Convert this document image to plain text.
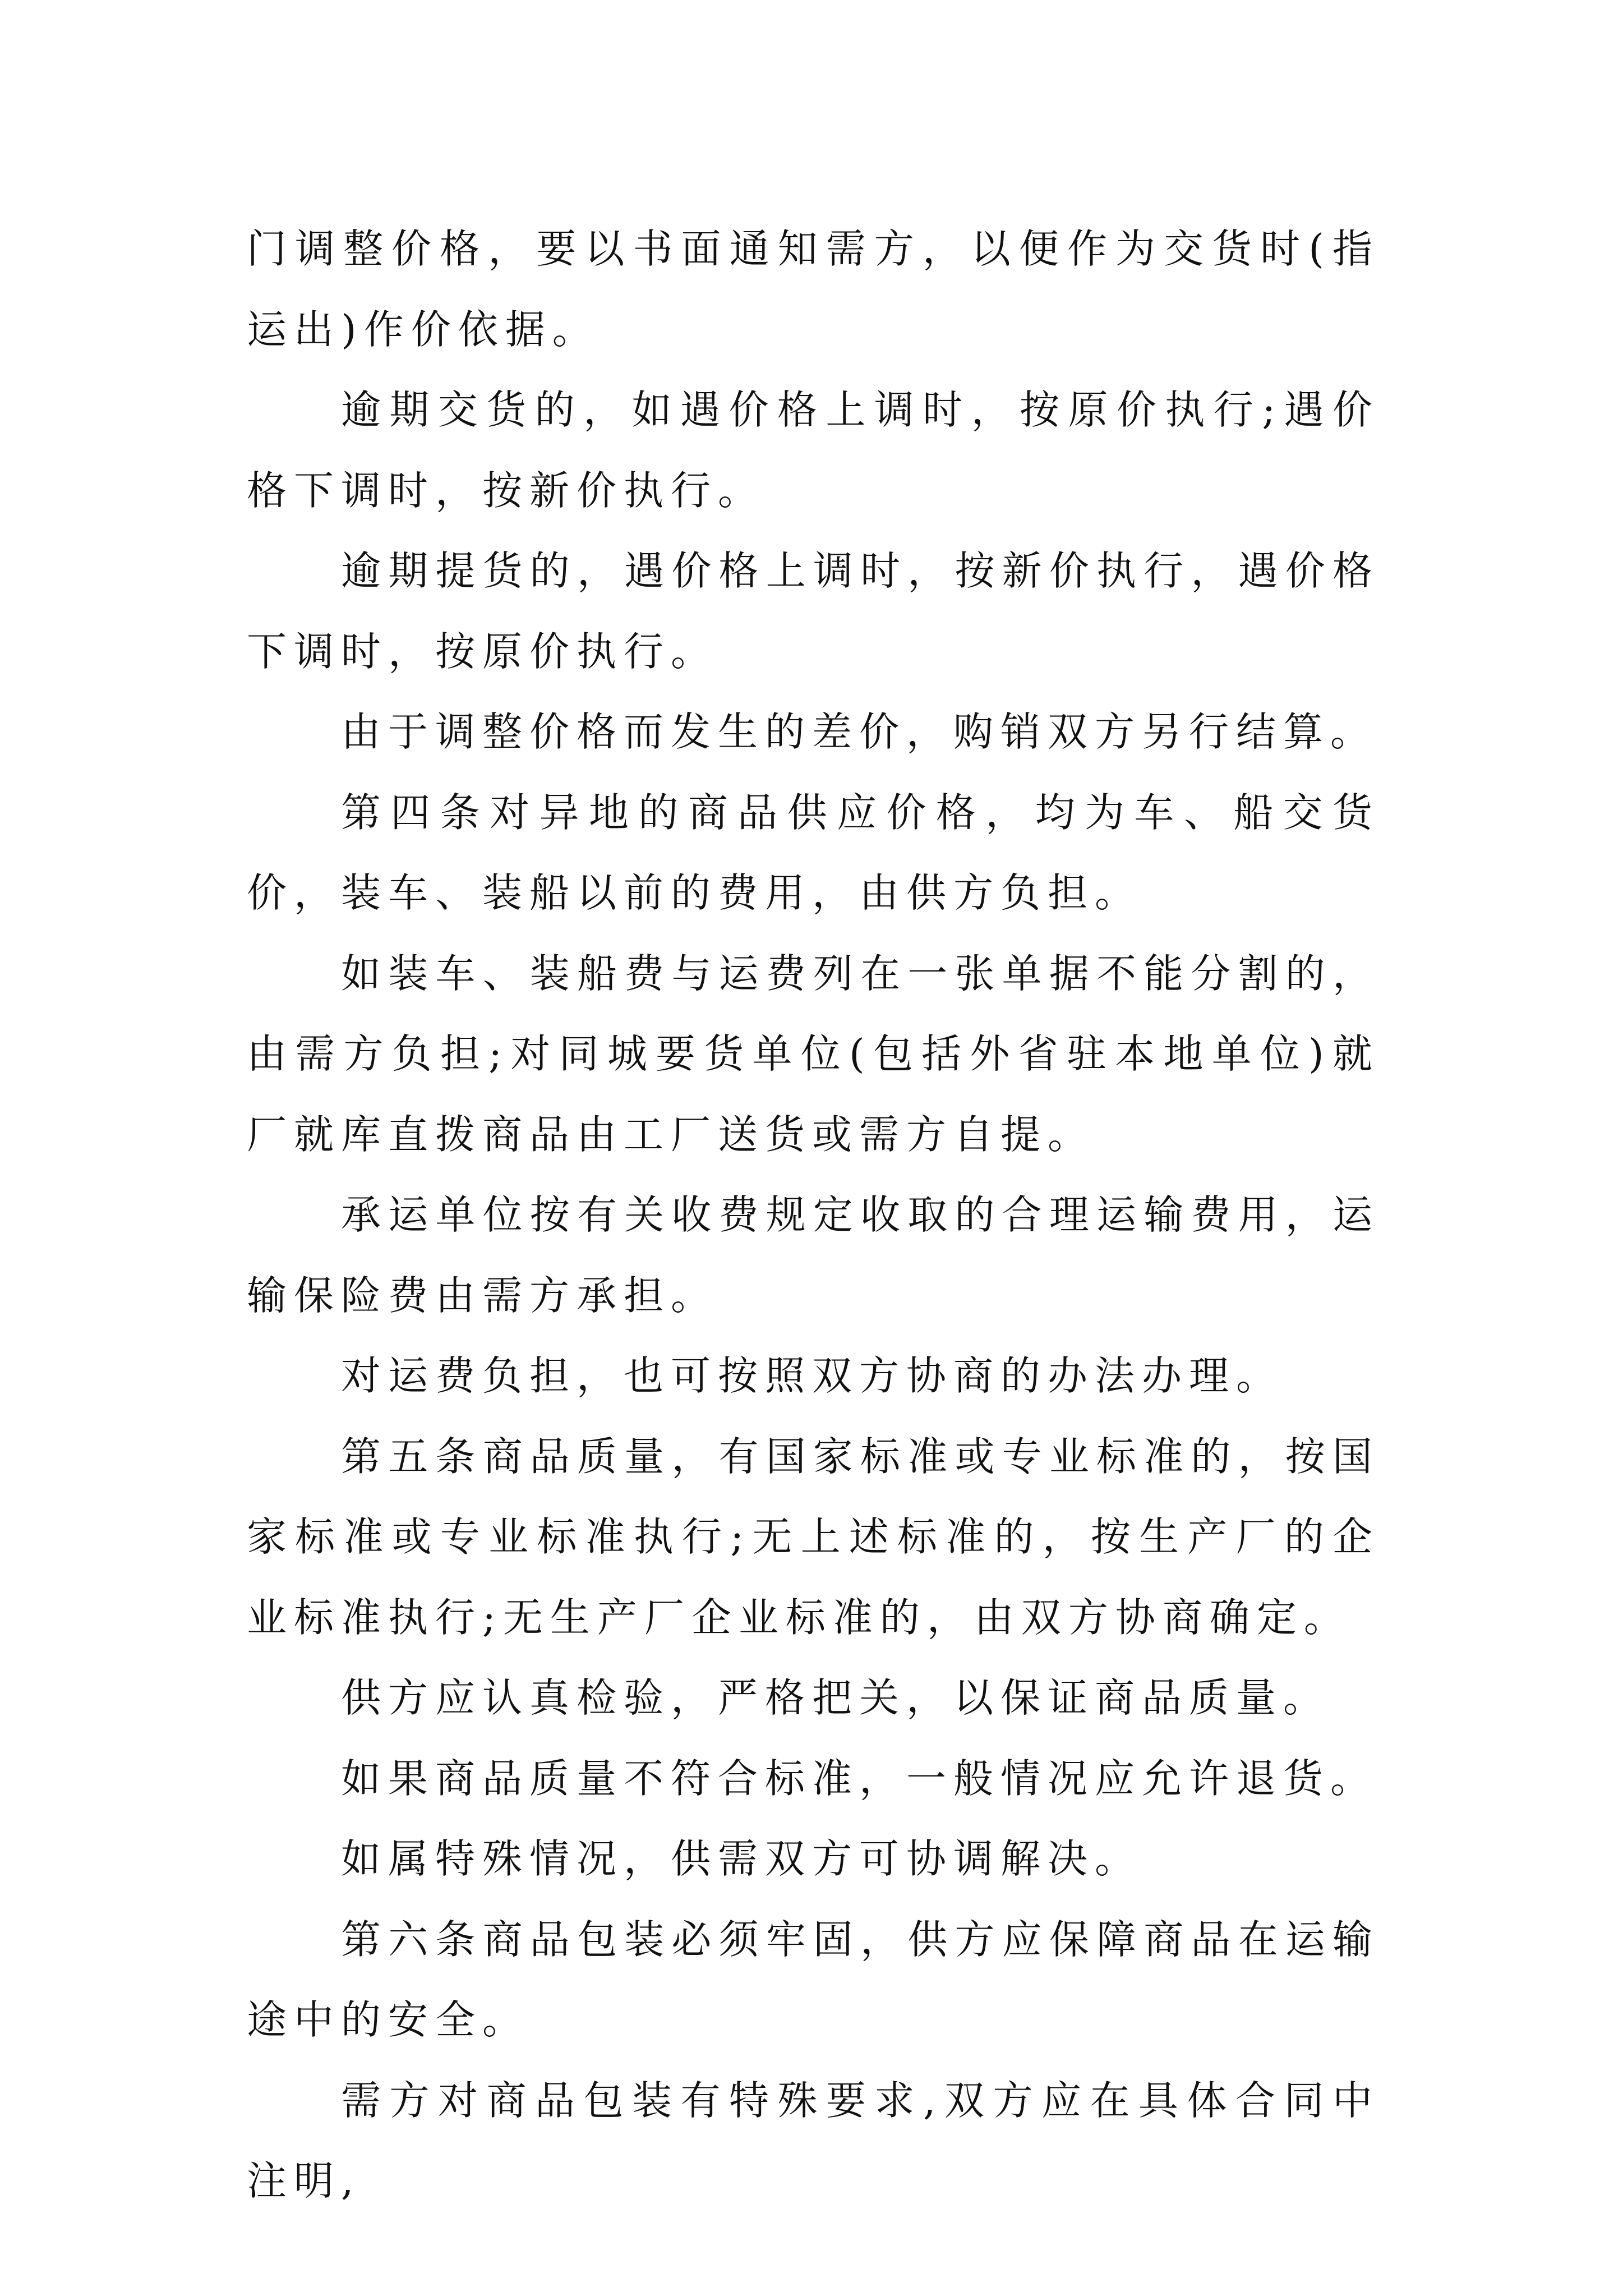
门调整价格，要以书面通知需方，以便作为交货时(指运出)作价依据。

逾期交货的，如遇价格上调时，按原价执行;遇价格下调时，按新价执行。

逾期提货的，遇价格上调时，按新价执行，遇价格下调时，按原价执行。

由于调整价格而发生的差价，购销双方另行结算。

第四条对异地的商品供应价格，均为车、船交货价，装车、装船以前的费用，由供方负担。

如装车、装船费与运费列在一张单据不能分割的，由需方负担;对同城要货单位(包括外省驻本地单位)就厂就库直拨商品由工厂送货或需方自提。

承运单位按有关收费规定收取的合理运输费用，运输保险费由需方承担。

对运费负担，也可按照双方协商的办法办理。

第五条商品质量，有国家标准或专业标准的，按国家标准或专业标准执行;无上述标准的，按生产厂的企业标准执行;无生产厂企业标准的，由双方协商确定。

供方应认真检验，严格把关，以保证商品质量。

如果商品质量不符合标准，一般情况应允许退货。

如属特殊情况，供需双方可协调解决。

第六条商品包装必须牢固，供方应保障商品在运输途中的安全。

需方对商品包装有特殊要求,双方应在具体合同中注明,
